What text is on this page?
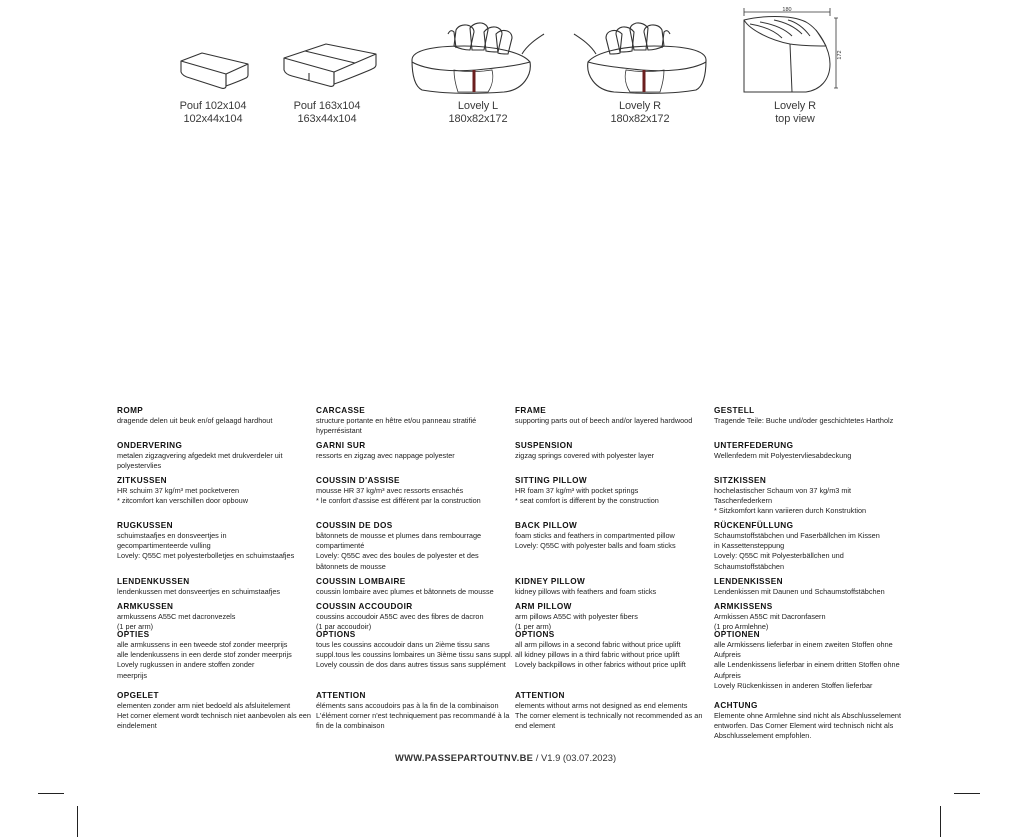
Pouf 102x104
102x44x104
Pouf 163x104
163x44x104
Lovely L
180x82x172
Lovely R
180x82x172
180
172
Lovely R
top view
ROMP
dragende delen uit beuk en/of gelaagd hardhout
ONDERVERING
metalen zigzagvering afgedekt met drukverdeler uit
polyestervlies
ZITKUSSEN
HR schuim 37 kg/m³ met pocketveren
* zitcomfort kan verschillen door opbouw
RUGKUSSEN
schuimstaafjes en donsveertjes in
gecompartimenteerde vulling
Lovely: Q55C met polyesterbolletjes en schuimstaafjes
LENDENKUSSEN
lendenkussen met donsveertjes en schuimstaafjes
ARMKUSSEN
armkussens A55C met dacronvezels
(1 per arm)
OPTIES
alle armkussens in een tweede stof zonder meerprijs
alle lendenkussens in een derde stof zonder meerprijs
Lovely rugkussen in andere stoffen zonder
meerprijs
OPGELET
elementen zonder arm niet bedoeld als afsluitelement
Het corner element wordt technisch niet aanbevolen als een
eindelement
CARCASSE
structure portante en hêtre et/ou panneau stratifié
hyperrésistant
GARNI SUR
ressorts en zigzag avec nappage polyester
COUSSIN D'ASSISE
mousse HR 37 kg/m³ avec ressorts ensachés
* le confort d'assise est différent par la construction
COUSSIN DE DOS
bâtonnets de mousse et plumes dans rembourrage
compartimenté
Lovely: Q55C avec des boules de polyester et des
bâtonnets de mousse
COUSSIN LOMBAIRE
coussin lombaire avec plumes et bâtonnets de mousse
COUSSIN ACCOUDOIR
coussins accoudoir A55C avec des fibres de dacron
(1 par accoudoir)
OPTIONS
tous les coussins accoudoir dans un 2ième tissu sans
suppl.tous les coussins lombaires un 3ième tissu sans suppl.
Lovely coussin de dos dans autres tissus sans supplément
ATTENTION
éléments sans accoudoirs pas à la fin de la combinaison
L'élément corner n'est techniquement pas recommandé à la
fin de la combinaison
FRAME
supporting parts out of beech and/or layered hardwood
SUSPENSION
zigzag springs covered with polyester layer
SITTING PILLOW
HR foam 37 kg/m³ with pocket springs
* seat comfort is different by the construction
BACK PILLOW
foam sticks and feathers in compartmented pillow
Lovely: Q55C with polyester balls and foam sticks
KIDNEY PILLOW
kidney pillows with feathers and foam sticks
ARM PILLOW
arm pillows A55C with polyester fibers
(1 per arm)
OPTIONS
all arm pillows in a second fabric without price uplift
all kidney pillows in a third fabric without price uplift
Lovely backpillows in other fabrics without price uplift
ATTENTION
elements without arms not designed as end elements
The corner element is technically not recommended as an
end element
GESTELL
Tragende Teile: Buche und/oder geschichtetes Hartholz
UNTERFEDERUNG
Wellenfedern mit Polyestervliesabdeckung
SITZKISSEN
hochelastischer Schaum von 37 kg/m3 mit
Taschenfederkern
* Sitzkomfort kann variieren durch Konstruktion
RÜCKENFÜLLUNG
Schaumstoffstäbchen und Faserbällchen im Kissen
in Kassettensteppung
Lovely: Q55C mit Polyesterbällchen und
Schaumstoffstäbchen
LENDENKISSEN
Lendenkissen mit Daunen und Schaumstoffstäbchen
ARMKISSENS
Armkissen A55C mit Dacronfasern
(1 pro Armlehne)
OPTIONEN
alle Armkissens lieferbar in einem zweiten Stoffen ohne
Aufpreis
alle Lendenkissens lieferbar in einem dritten Stoffen ohne
Aufpreis
Lovely Rückenkissen in anderen Stoffen lieferbar
ACHTUNG
Elemente ohne Armlehne sind nicht als Abschlusselement
entworfen. Das Corner Element wird technisch nicht als
Abschlusselement empfohlen.
WWW.PASSEPARTOUTNV.BE / V1.9 (03.07.2023)
